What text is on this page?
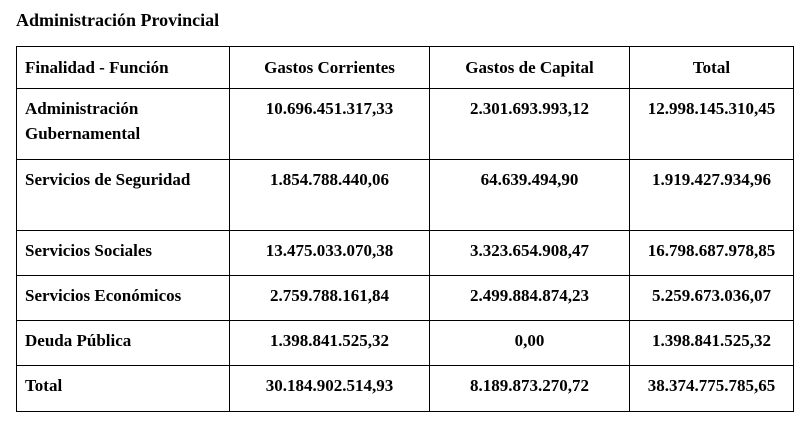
Administración Provincial
Finalidad - Función	Gastos Corrientes	Gastos de Capital	Total
Administración Gubernamental	10.696.451.317,33	2.301.693.993,12	12.998.145.310,45
Servicios de Seguridad	1.854.788.440,06	64.639.494,90	1.919.427.934,96
Servicios Sociales	13.475.033.070,38	3.323.654.908,47	16.798.687.978,85
Servicios Económicos	2.759.788.161,84	2.499.884.874,23	5.259.673.036,07
Deuda Pública	1.398.841.525,32	0,00	1.398.841.525,32
Total	30.184.902.514,93	8.189.873.270,72	38.374.775.785,65
